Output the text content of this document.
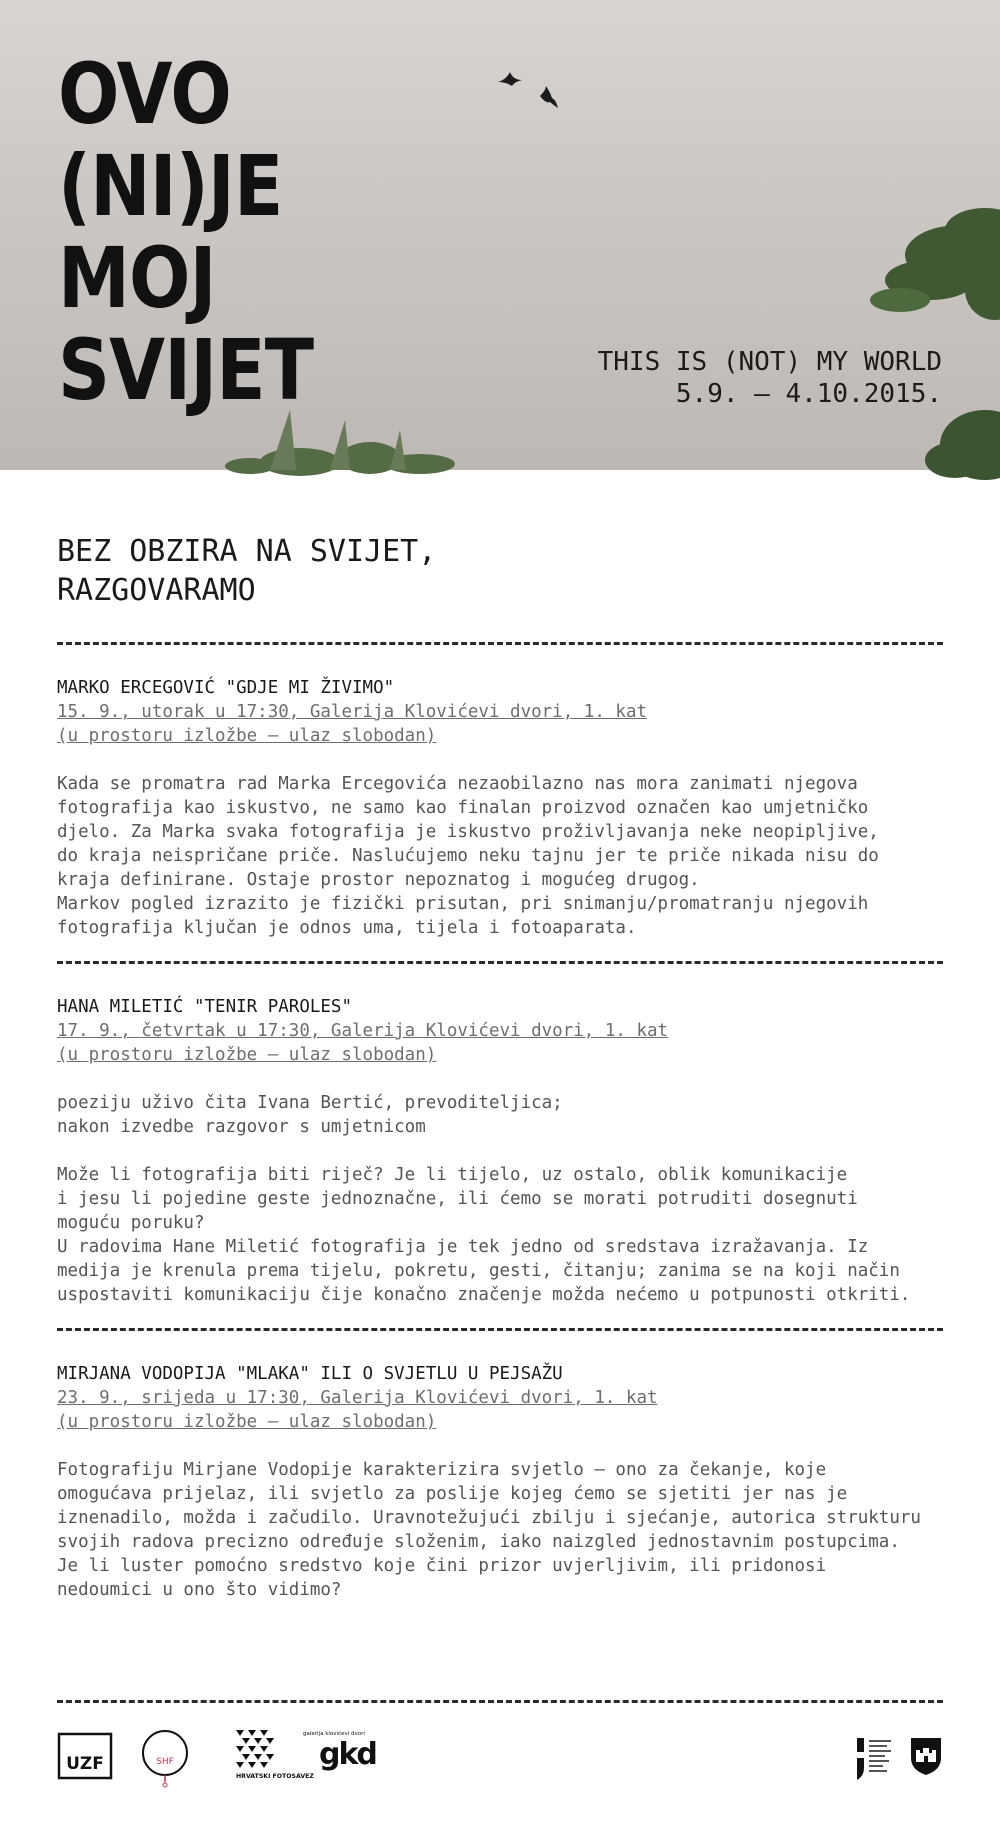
OVO
(NI)JE
MOJ
SVIJET	THIS IS (NOT) MY WORLD
5.9. – 4.10.2015.
BEZ OBZIRA NA SVIJET,
RAZGOVARAMO
MARKO ERCEGOVIĆ "GDJE MI ŽIVIMO"
15. 9., utorak u 17:30, Galerija Klovićevi dvori, 1. kat
(u prostoru izložbe – ulaz slobodan)
Kada se promatra rad Marka Ercegovića nezaobilazno nas mora zanimati njegova
fotografija kao iskustvo, ne samo kao finalan proizvod označen kao umjetničko
djelo. Za Marka svaka fotografija je iskustvo proživljavanja neke neopipljive,
do kraja neispričane priče. Naslućujemo neku tajnu jer te priče nikada nisu do
kraja definirane. Ostaje prostor nepoznatog i mogućeg drugog.
Markov pogled izrazito je fizički prisutan, pri snimanju/promatranju njegovih
fotografija ključan je odnos uma, tijela i fotoaparata.
HANA MILETIĆ "TENIR PAROLES"
17. 9., četvrtak u 17:30, Galerija Klovićevi dvori, 1. kat
(u prostoru izložbe – ulaz slobodan)
poeziju uživo čita Ivana Bertić, prevoditeljica;
nakon izvedbe razgovor s umjetnicom
Može li fotografija biti riječ? Je li tijelo, uz ostalo, oblik komunikacije
i jesu li pojedine geste jednoznačne, ili ćemo se morati potruditi dosegnuti
moguću poruku?
U radovima Hane Miletić fotografija je tek jedno od sredstava izražavanja. Iz
medija je krenula prema tijelu, pokretu, gesti, čitanju; zanima se na koji način
uspostaviti komunikaciju čije konačno značenje možda nećemo u potpunosti otkriti.
MIRJANA VODOPIJA "MLAKA" ILI O SVJETLU U PEJSAŽU
23. 9., srijeda u 17:30, Galerija Klovićevi dvori, 1. kat
(u prostoru izložbe – ulaz slobodan)
Fotografiju Mirjane Vodopije karakterizira svjetlo – ono za čekanje, koje
omogućava prijelaz, ili svjetlo za poslije kojeg ćemo se sjetiti jer nas je
iznenadilo, možda i začudilo. Uravnotežujući zbilju i sjećanje, autorica strukturu
svojih radova precizno određuje složenim, iako naizgled jednostavnim postupcima.
Je li luster pomoćno sredstvo koje čini prizor uvjerljivim, ili pridonosi
nedoumici u ono što vidimo?
UZF	SHF
HRVATSKI FOTOSAVEZ
galerija klovićevi dvori
gkd
